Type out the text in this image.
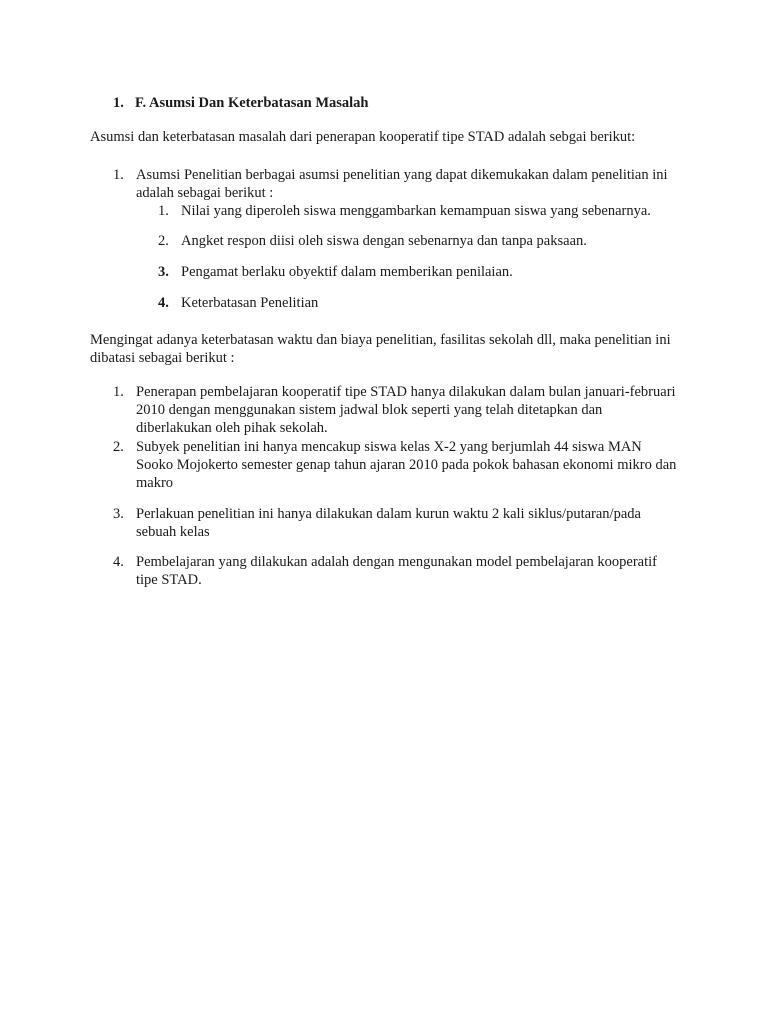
1. F. Asumsi Dan Keterbatasan Masalah
Asumsi dan keterbatasan masalah dari penerapan kooperatif tipe STAD adalah sebgai berikut:
1. Asumsi Penelitian berbagai asumsi penelitian yang dapat dikemukakan dalam penelitian ini adalah sebagai berikut :
1. Nilai yang diperoleh siswa menggambarkan kemampuan siswa yang sebenarnya.
2. Angket respon diisi oleh siswa dengan sebenarnya dan tanpa paksaan.
3. Pengamat berlaku obyektif dalam memberikan penilaian.
4. Keterbatasan Penelitian
Mengingat adanya keterbatasan waktu dan biaya penelitian, fasilitas sekolah dll, maka penelitian ini dibatasi sebagai berikut :
1. Penerapan pembelajaran kooperatif tipe STAD hanya dilakukan dalam bulan januari-februari 2010 dengan menggunakan sistem jadwal blok seperti yang telah ditetapkan dan diberlakukan oleh pihak sekolah.
2. Subyek penelitian ini hanya mencakup siswa kelas X-2 yang berjumlah 44 siswa MAN Sooko Mojokerto semester genap tahun ajaran 2010 pada pokok bahasan ekonomi mikro dan makro
3. Perlakuan penelitian ini hanya dilakukan dalam kurun waktu 2 kali siklus/putaran/pada sebuah kelas
4. Pembelajaran yang dilakukan adalah dengan mengunakan model pembelajaran kooperatif tipe STAD.
